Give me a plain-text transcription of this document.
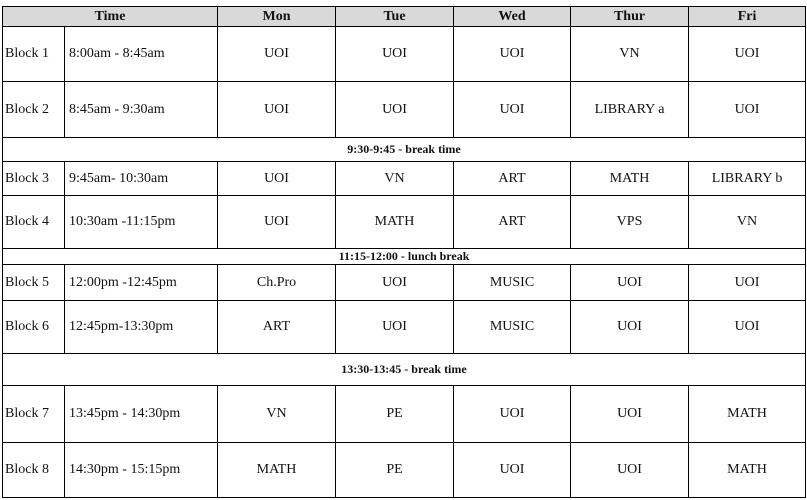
Time		Mon	Tue	Wed	Thur	Fri
Block 1	8:00am - 8:45am	UOI	UOI	UOI	VN	UOI
Block 2	8:45am - 9:30am	UOI	UOI	UOI	LIBRARY a	UOI
9:30-9:45 - break time						
Block 3	9:45am- 10:30am	UOI	VN	ART	MATH	LIBRARY b
Block 4	10:30am -11:15pm	UOI	MATH	ART	VPS	VN
11:15-12:00 - lunch break						
Block 5	12:00pm -12:45pm	Ch.Pro	UOI	MUSIC	UOI	UOI
Block 6	12:45pm-13:30pm	ART	UOI	MUSIC	UOI	UOI
13:30-13:45 - break time						
Block 7	13:45pm - 14:30pm	VN	PE	UOI	UOI	MATH
Block 8	14:30pm - 15:15pm	MATH	PE	UOI	UOI	MATH
